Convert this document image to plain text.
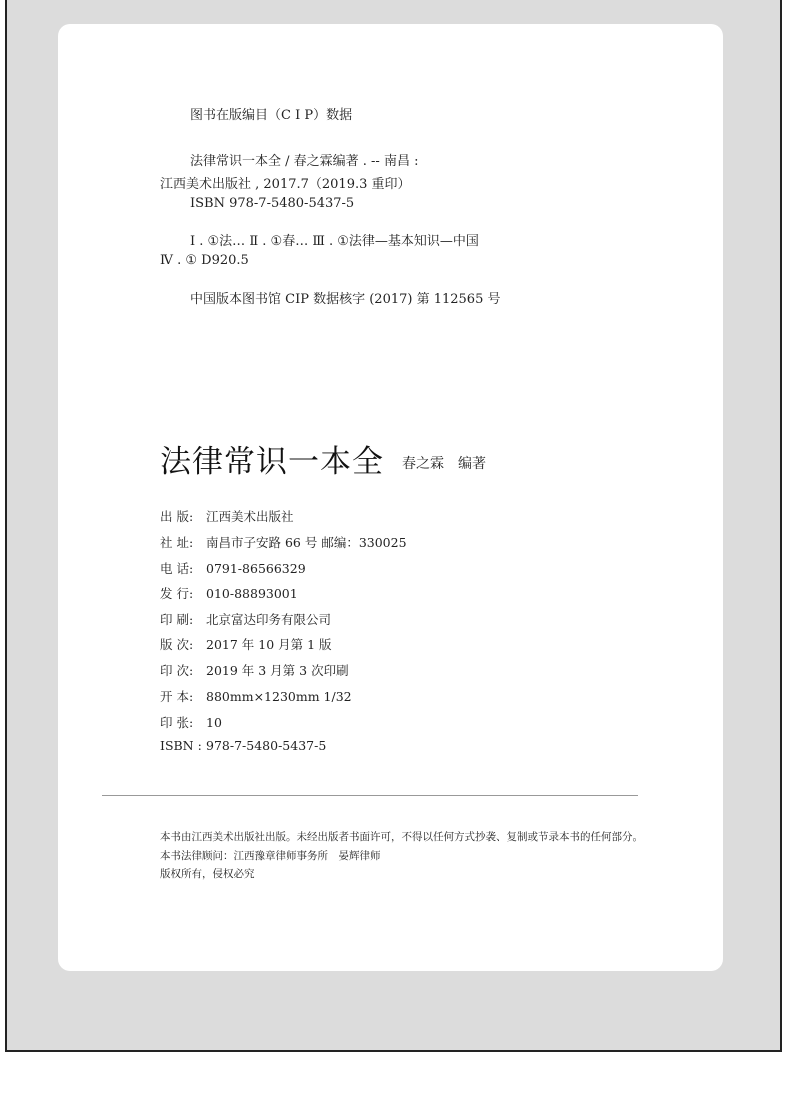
图书在版编目（C I P）数据
法律常识一本全 / 春之霖编著 . -- 南昌 :
江西美术出版社 , 2017.7（2019.3 重印）
ISBN 978-7-5480-5437-5
Ⅰ . ①法… Ⅱ . ①春… Ⅲ . ①法律—基本知识—中国
Ⅳ . ① D920.5
中国版本图书馆 CIP 数据核字 (2017) 第 112565 号
法律常识一本全 春之霖　编著
出 版: 江西美术出版社
社 址: 南昌市子安路 66 号 邮编：330025
电 话: 0791-86566329
发 行: 010-88893001
印 刷: 北京富达印务有限公司
版 次: 2017 年 10 月第 1 版
印 次: 2019 年 3 月第 3 次印刷
开 本: 880mm×1230mm 1/32
印 张: 10
ISBN : 978-7-5480-5437-5
本书由江西美术出版社出版。未经出版者书面许可，不得以任何方式抄袭、复制或节录本书的任何部分。
本书法律顾问：江西豫章律师事务所　晏辉律师
版权所有，侵权必究
